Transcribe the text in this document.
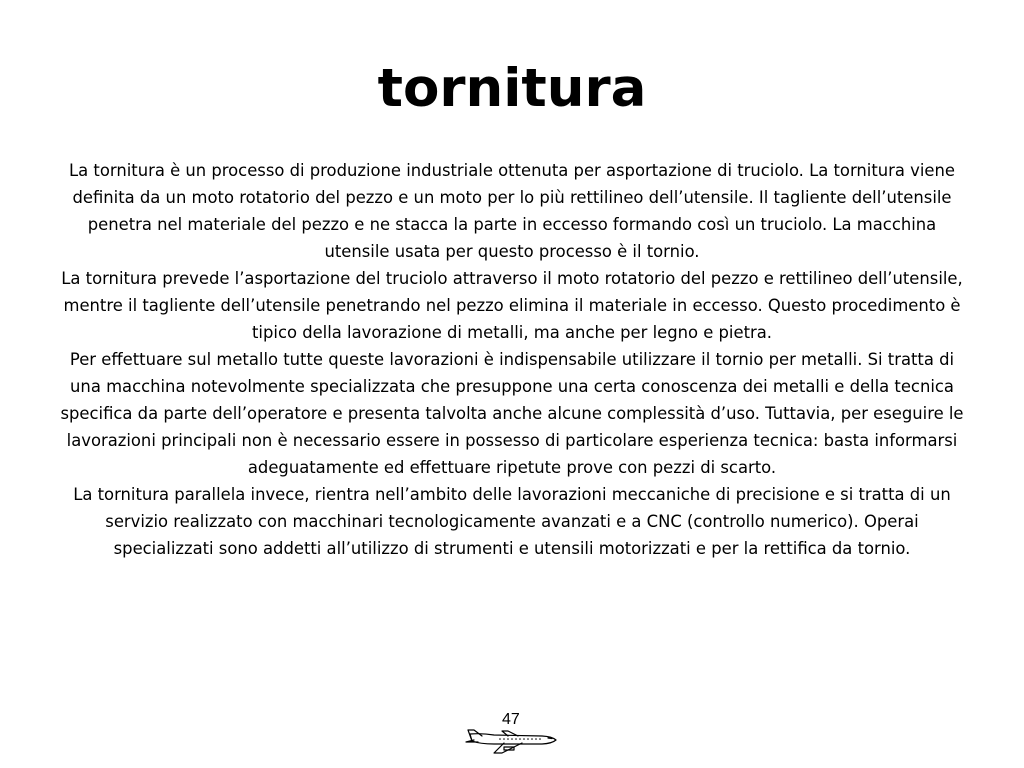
tornitura

La tornitura è un processo di produzione industriale ottenuta per asportazione di truciolo. La tornitura viene definita da un moto rotatorio del pezzo e un moto per lo più rettilineo dell’utensile. Il tagliente dell’utensile penetra nel materiale del pezzo e ne stacca la parte in eccesso formando così un truciolo. La macchina utensile usata per questo processo è il tornio.

La tornitura prevede l’asportazione del truciolo attraverso il moto rotatorio del pezzo e rettilineo dell’utensile, mentre il tagliente dell’utensile penetrando nel pezzo elimina il materiale in eccesso. Questo procedimento è tipico della lavorazione di metalli, ma anche per legno e pietra.

Per effettuare sul metallo tutte queste lavorazioni è indispensabile utilizzare il tornio per metalli. Si tratta di una macchina notevolmente specializzata che presuppone una certa conoscenza dei metalli e della tecnica specifica da parte dell’operatore e presenta talvolta anche alcune complessità d’uso. Tuttavia, per eseguire le lavorazioni principali non è necessario essere in possesso di particolare esperienza tecnica: basta informarsi adeguatamente ed effettuare ripetute prove con pezzi di scarto.

La tornitura parallela invece, rientra nell’ambito delle lavorazioni meccaniche di precisione e si tratta di un servizio realizzato con macchinari tecnologicamente avanzati e a CNC (controllo numerico). Operai specializzati sono addetti all’utilizzo di strumenti e utensili motorizzati e per la rettifica da tornio.

47
